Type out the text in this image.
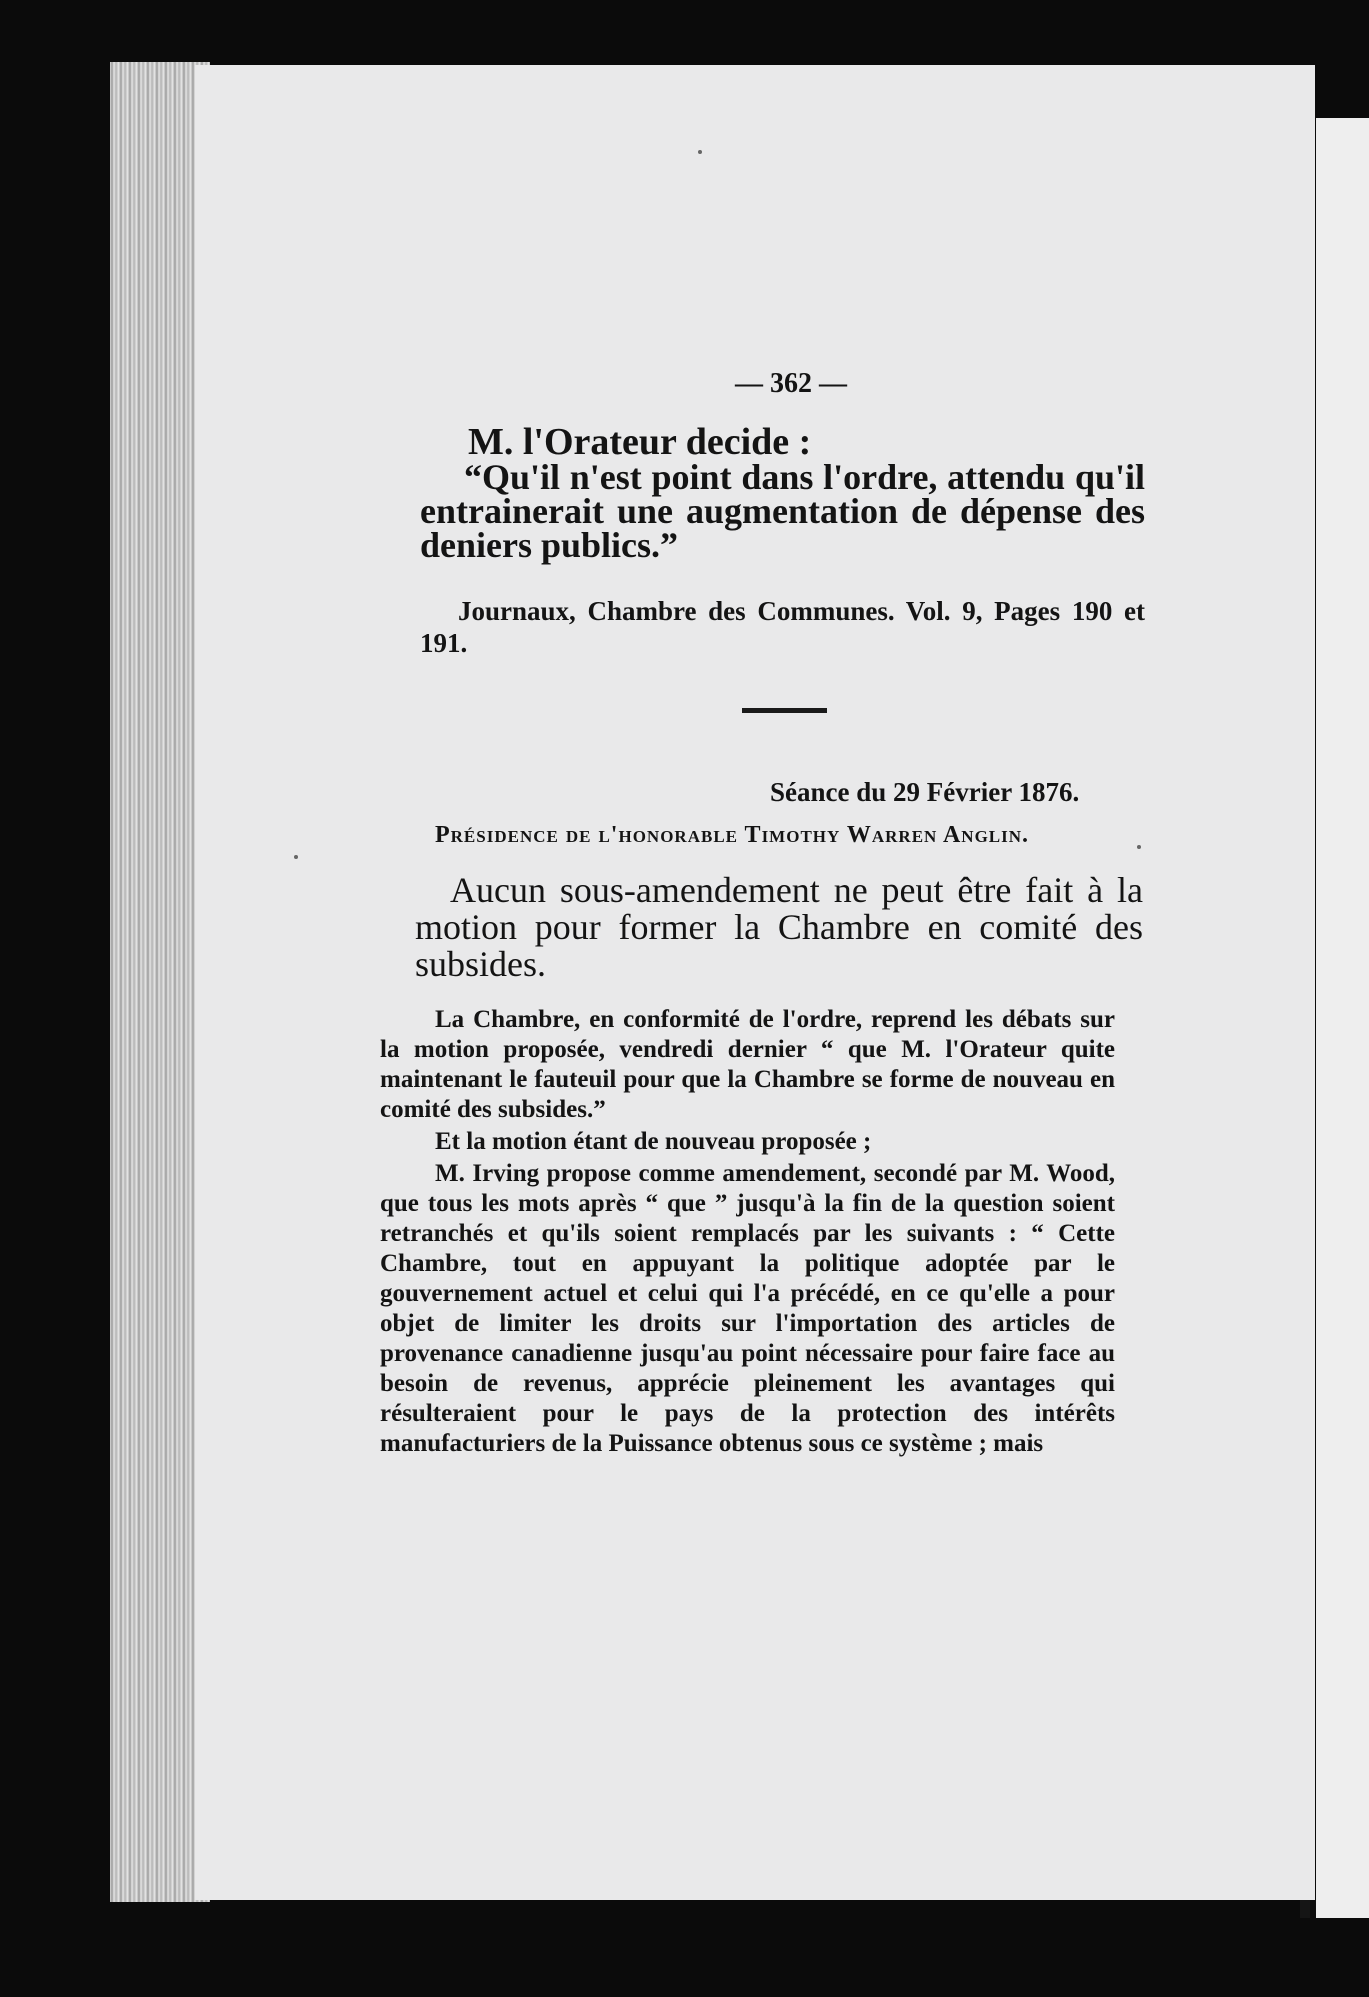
— 362 —
M. l'Orateur decide :
“Qu'il n'est point dans l'ordre, attendu qu'il entrainerait une augmentation de dépense des deniers publics.”
Journaux, Chambre des Communes. Vol. 9, Pages 190 et 191.
Séance du 29 Février 1876.
Présidence de l'honorable Timothy Warren Anglin.
Aucun sous-amendement ne peut être fait à la motion pour former la Chambre en comité des subsides.

La Chambre, en conformité de l'ordre, reprend les débats sur la motion proposée, vendredi dernier “ que M. l'Orateur quite maintenant le fauteuil pour que la Chambre se forme de nouveau en comité des subsides.”

Et la motion étant de nouveau proposée ;

M. Irving propose comme amendement, secondé par M. Wood, que tous les mots après “ que ” jusqu'à la fin de la question soient retranchés et qu'ils soient remplacés par les suivants : “ Cette Chambre, tout en appuyant la politique adoptée par le gouvernement actuel et celui qui l'a précédé, en ce qu'elle a pour objet de limiter les droits sur l'importation des articles de provenance canadienne jusqu'au point nécessaire pour faire face au besoin de revenus, apprécie pleinement les avantages qui résulteraient pour le pays de la protection des intérêts manufacturiers de la Puissance obtenus sous ce système ; mais
